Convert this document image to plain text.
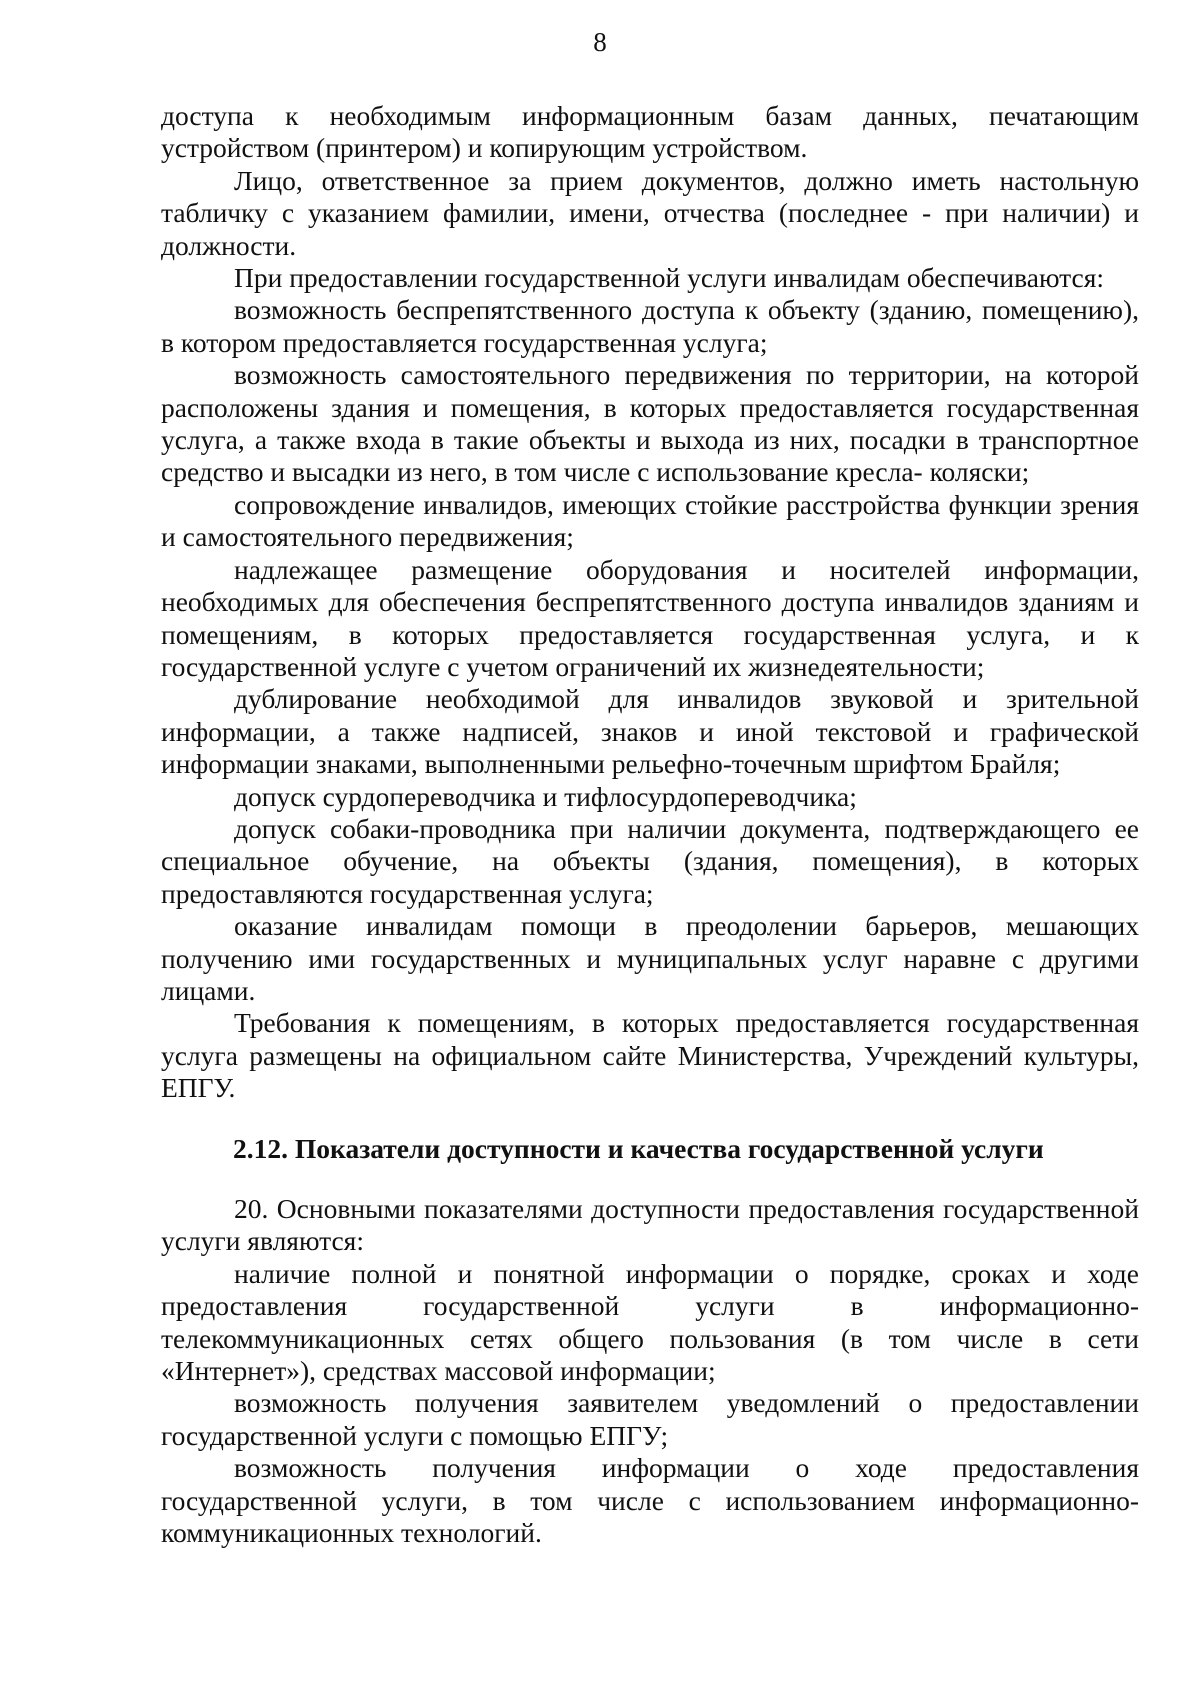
8

доступа к необходимым информационным базам данных, печатающим устройством (принтером) и копирующим устройством.

Лицо, ответственное за прием документов, должно иметь настольную табличку с указанием фамилии, имени, отчества (последнее - при наличии) и должности.

При предоставлении государственной услуги инвалидам обеспечиваются:

возможность беспрепятственного доступа к объекту (зданию, помещению), в котором предоставляется государственная услуга;

возможность самостоятельного передвижения по территории, на которой расположены здания и помещения, в которых предоставляется государственная услуга, а также входа в такие объекты и выхода из них, посадки в транспортное средство и высадки из него, в том числе с использование кресла- коляски;

сопровождение инвалидов, имеющих стойкие расстройства функции зрения и самостоятельного передвижения;

надлежащее размещение оборудования и носителей информации, необходимых для обеспечения беспрепятственного доступа инвалидов зданиям и помещениям, в которых предоставляется государственная услуга, и к государственной услуге с учетом ограничений их жизнедеятельности;

дублирование необходимой для инвалидов звуковой и зрительной информации, а также надписей, знаков и иной текстовой и графической информации знаками, выполненными рельефно-точечным шрифтом Брайля;

допуск сурдопереводчика и тифлосурдопереводчика;

допуск собаки-проводника при наличии документа, подтверждающего ее специальное обучение, на объекты (здания, помещения), в которых предоставляются государственная услуга;

оказание инвалидам помощи в преодолении барьеров, мешающих получению ими государственных и муниципальных услуг наравне с другими лицами.

Требования к помещениям, в которых предоставляется государственная услуга размещены на официальном сайте Министерства, Учреждений культуры, ЕПГУ.

2.12. Показатели доступности и качества государственной услуги

20. Основными показателями доступности предоставления государственной услуги являются:

наличие полной и понятной информации о порядке, сроках и ходе предоставления государственной услуги в информационно-телекоммуникационных сетях общего пользования (в том числе в сети «Интернет»), средствах массовой информации;

возможность получения заявителем уведомлений о предоставлении государственной услуги с помощью ЕПГУ;

возможность получения информации о ходе предоставления государственной услуги, в том числе с использованием информационно-коммуникационных технологий.
